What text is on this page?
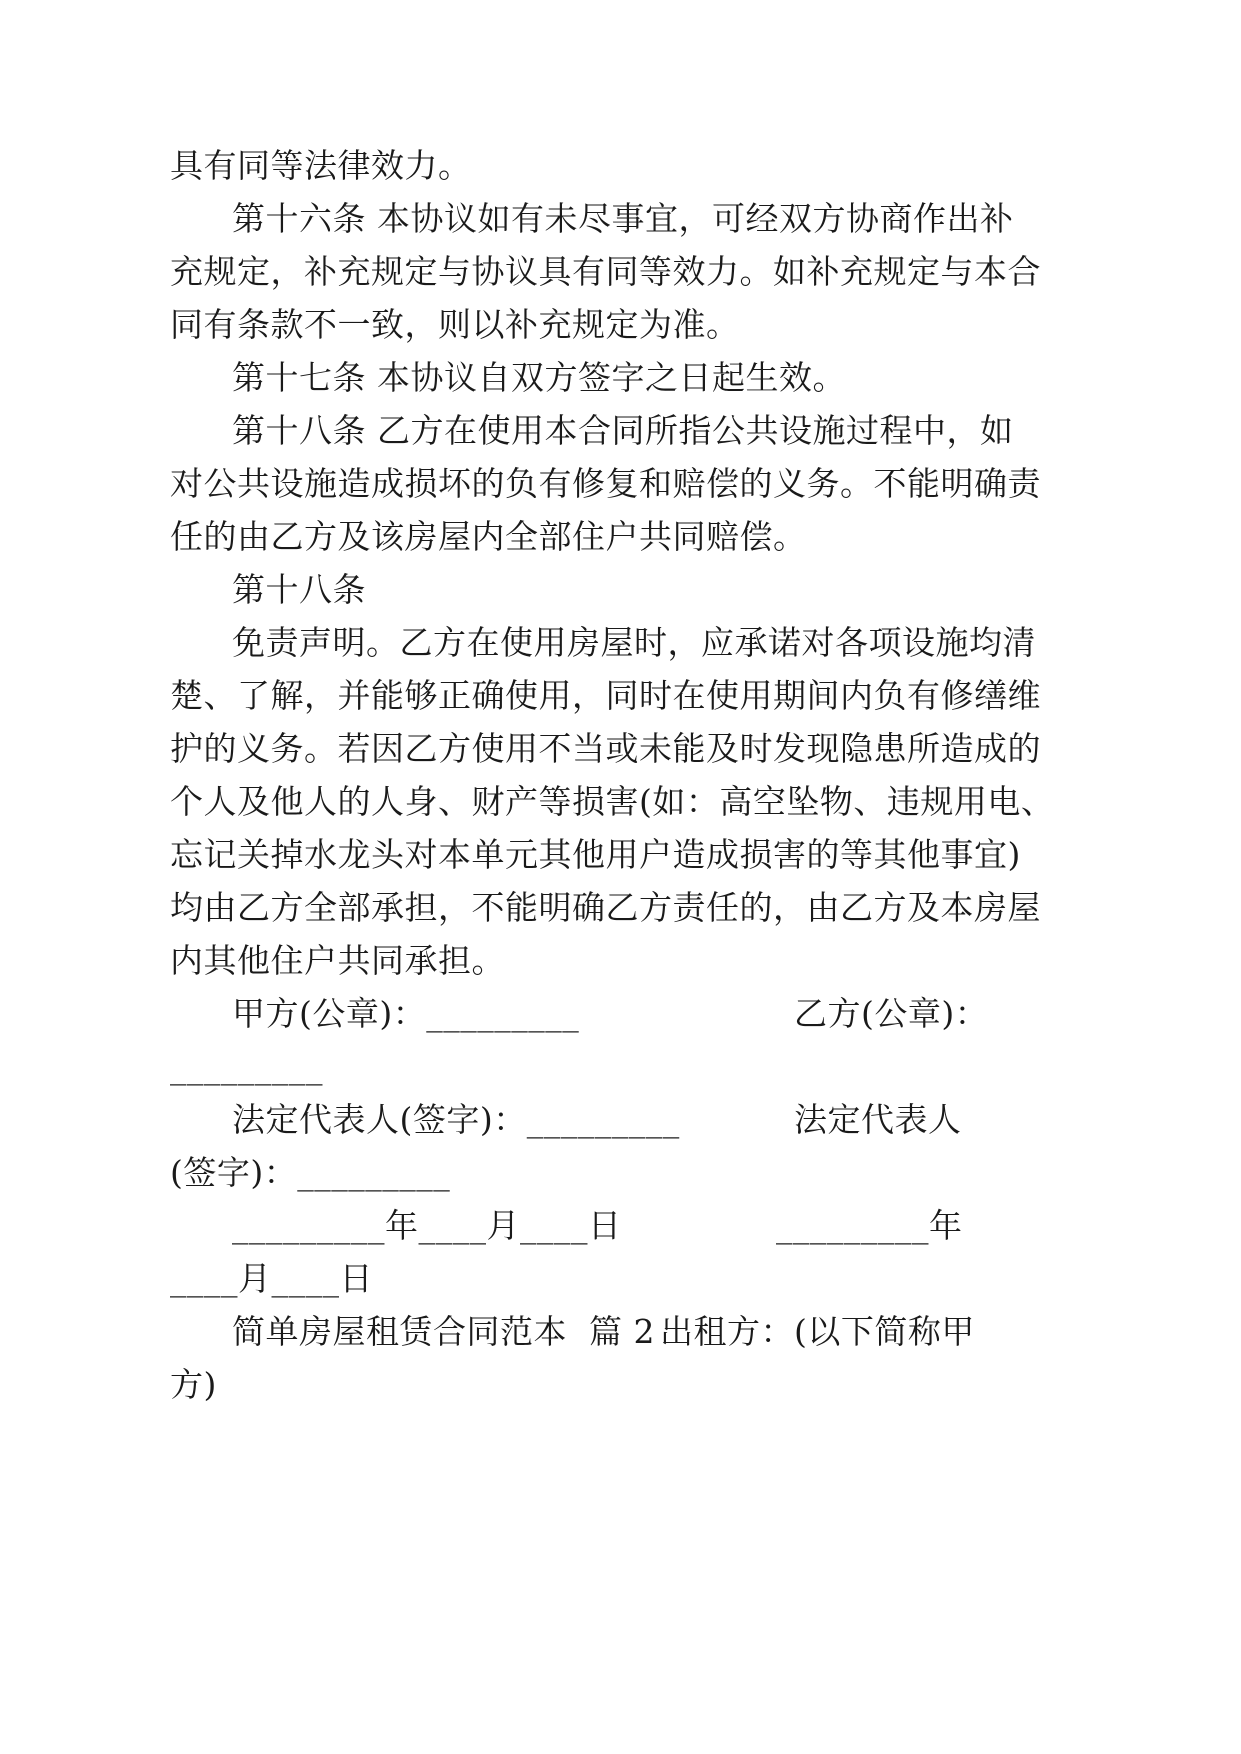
具有同等法律效力。
第十六条 本协议如有未尽事宜，可经双方协商作出补
充规定，补充规定与协议具有同等效力。如补充规定与本合
同有条款不一致，则以补充规定为准。
第十七条 本协议自双方签字之日起生效。
第十八条 乙方在使用本合同所指公共设施过程中，如
对公共设施造成损坏的负有修复和赔偿的义务。不能明确责
任的由乙方及该房屋内全部住户共同赔偿。
第十八条
免责声明。乙方在使用房屋时，应承诺对各项设施均清
楚、了解，并能够正确使用，同时在使用期间内负有修缮维
护的义务。若因乙方使用不当或未能及时发现隐患所造成的
个人及他人的人身、财产等损害(如：高空坠物、违规用电、
忘记关掉水龙头对本单元其他用户造成损害的等其他事宜)
均由乙方全部承担，不能明确乙方责任的，由乙方及本房屋
内其他住户共同承担。
甲方(公章)：_________	乙方(公章)：
_________
法定代表人(签字)：_________	法定代表人
(签字)：_________
_________年____月____日	_________年
____月____日
简单房屋租赁合同范本  篇 2 出租方：(以下简称甲
方)
